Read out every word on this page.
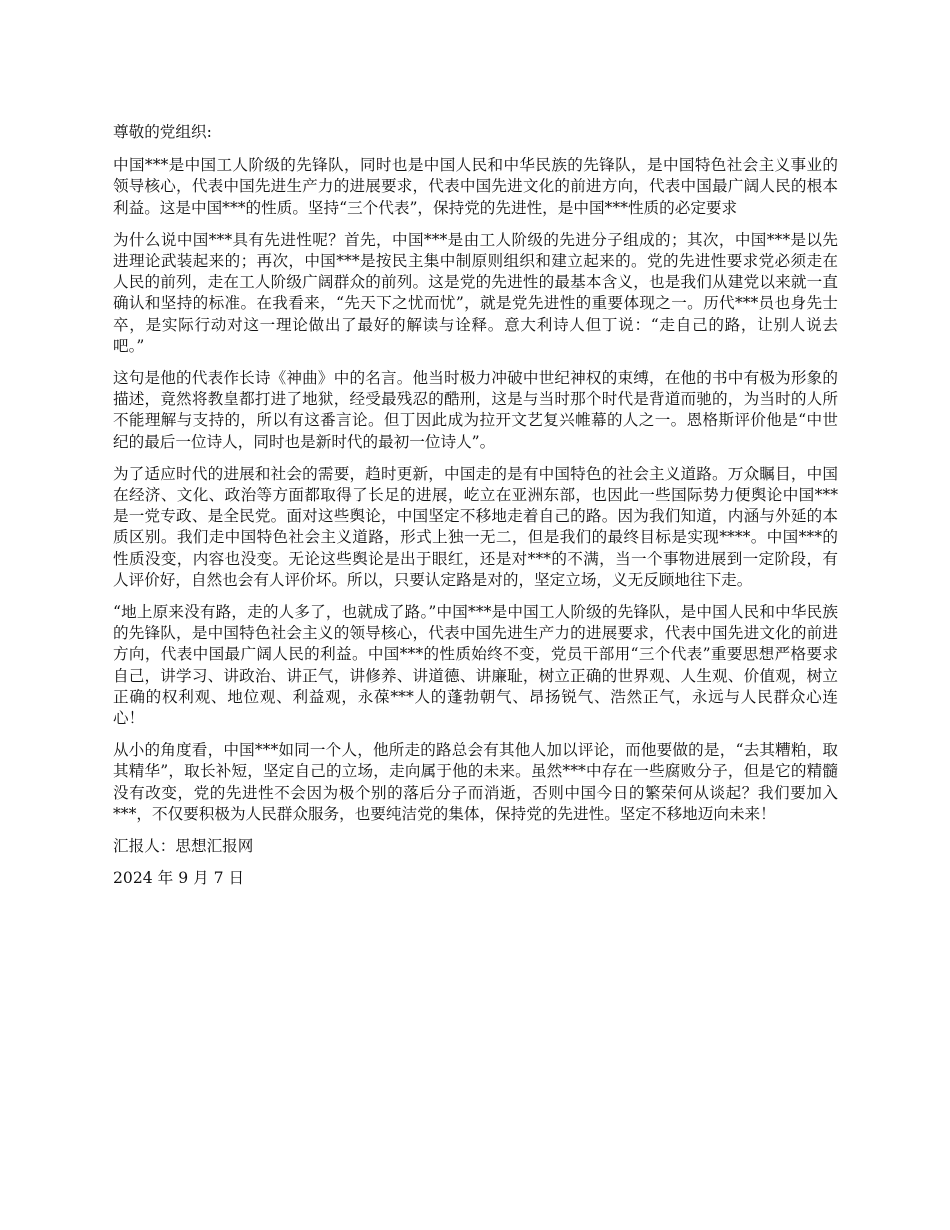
尊敬的党组织:

中国***是中国工人阶级的先锋队，同时也是中国人民和中华民族的先锋队，是中国特色社会主义事业的领导核心，代表中国先进生产力的进展要求，代表中国先进文化的前进方向，代表中国最广阔人民的根本利益。这是中国***的性质。坚持“三个代表”，保持党的先进性，是中国***性质的必定要求

为什么说中国***具有先进性呢？首先，中国***是由工人阶级的先进分子组成的；其次，中国***是以先进理论武装起来的；再次，中国***是按民主集中制原则组织和建立起来的。党的先进性要求党必须走在人民的前列，走在工人阶级广阔群众的前列。这是党的先进性的最基本含义，也是我们从建党以来就一直确认和坚持的标准。在我看来，“先天下之忧而忧”，就是党先进性的重要体现之一。历代***员也身先士卒，是实际行动对这一理论做出了最好的解读与诠释。意大利诗人但丁说：“走自己的路，让别人说去吧。”

这句是他的代表作长诗《神曲》中的名言。他当时极力冲破中世纪神权的束缚，在他的书中有极为形象的描述，竟然将教皇都打进了地狱，经受最残忍的酷刑，这是与当时那个时代是背道而驰的，为当时的人所不能理解与支持的，所以有这番言论。但丁因此成为拉开文艺复兴帷幕的人之一。恩格斯评价他是“中世纪的最后一位诗人，同时也是新时代的最初一位诗人”。

为了适应时代的进展和社会的需要，趋时更新，中国走的是有中国特色的社会主义道路。万众瞩目，中国在经济、文化、政治等方面都取得了长足的进展，屹立在亚洲东部，也因此一些国际势力便舆论中国***是一党专政、是全民党。面对这些舆论，中国坚定不移地走着自己的路。因为我们知道，内涵与外延的本质区别。我们走中国特色社会主义道路，形式上独一无二，但是我们的最终目标是实现****。中国***的性质没变，内容也没变。无论这些舆论是出于眼红，还是对***的不满，当一个事物进展到一定阶段，有人评价好，自然也会有人评价坏。所以，只要认定路是对的，坚定立场，义无反顾地往下走。

“地上原来没有路，走的人多了，也就成了路。”中国***是中国工人阶级的先锋队，是中国人民和中华民族的先锋队，是中国特色社会主义的领导核心，代表中国先进生产力的进展要求，代表中国先进文化的前进方向，代表中国最广阔人民的利益。中国***的性质始终不变，党员干部用“三个代表”重要思想严格要求自己，讲学习、讲政治、讲正气，讲修养、讲道德、讲廉耻，树立正确的世界观、人生观、价值观，树立正确的权利观、地位观、利益观，永葆***人的蓬勃朝气、昂扬锐气、浩然正气，永远与人民群众心连心！

从小的角度看，中国***如同一个人，他所走的路总会有其他人加以评论，而他要做的是，“去其糟粕，取其精华”，取长补短，坚定自己的立场，走向属于他的未来。虽然***中存在一些腐败分子，但是它的精髓没有改变，党的先进性不会因为极个别的落后分子而消逝，否则中国今日的繁荣何从谈起？我们要加入***，不仅要积极为人民群众服务，也要纯洁党的集体，保持党的先进性。坚定不移地迈向未来！

汇报人：思想汇报网

2024 年 9 月 7 日
